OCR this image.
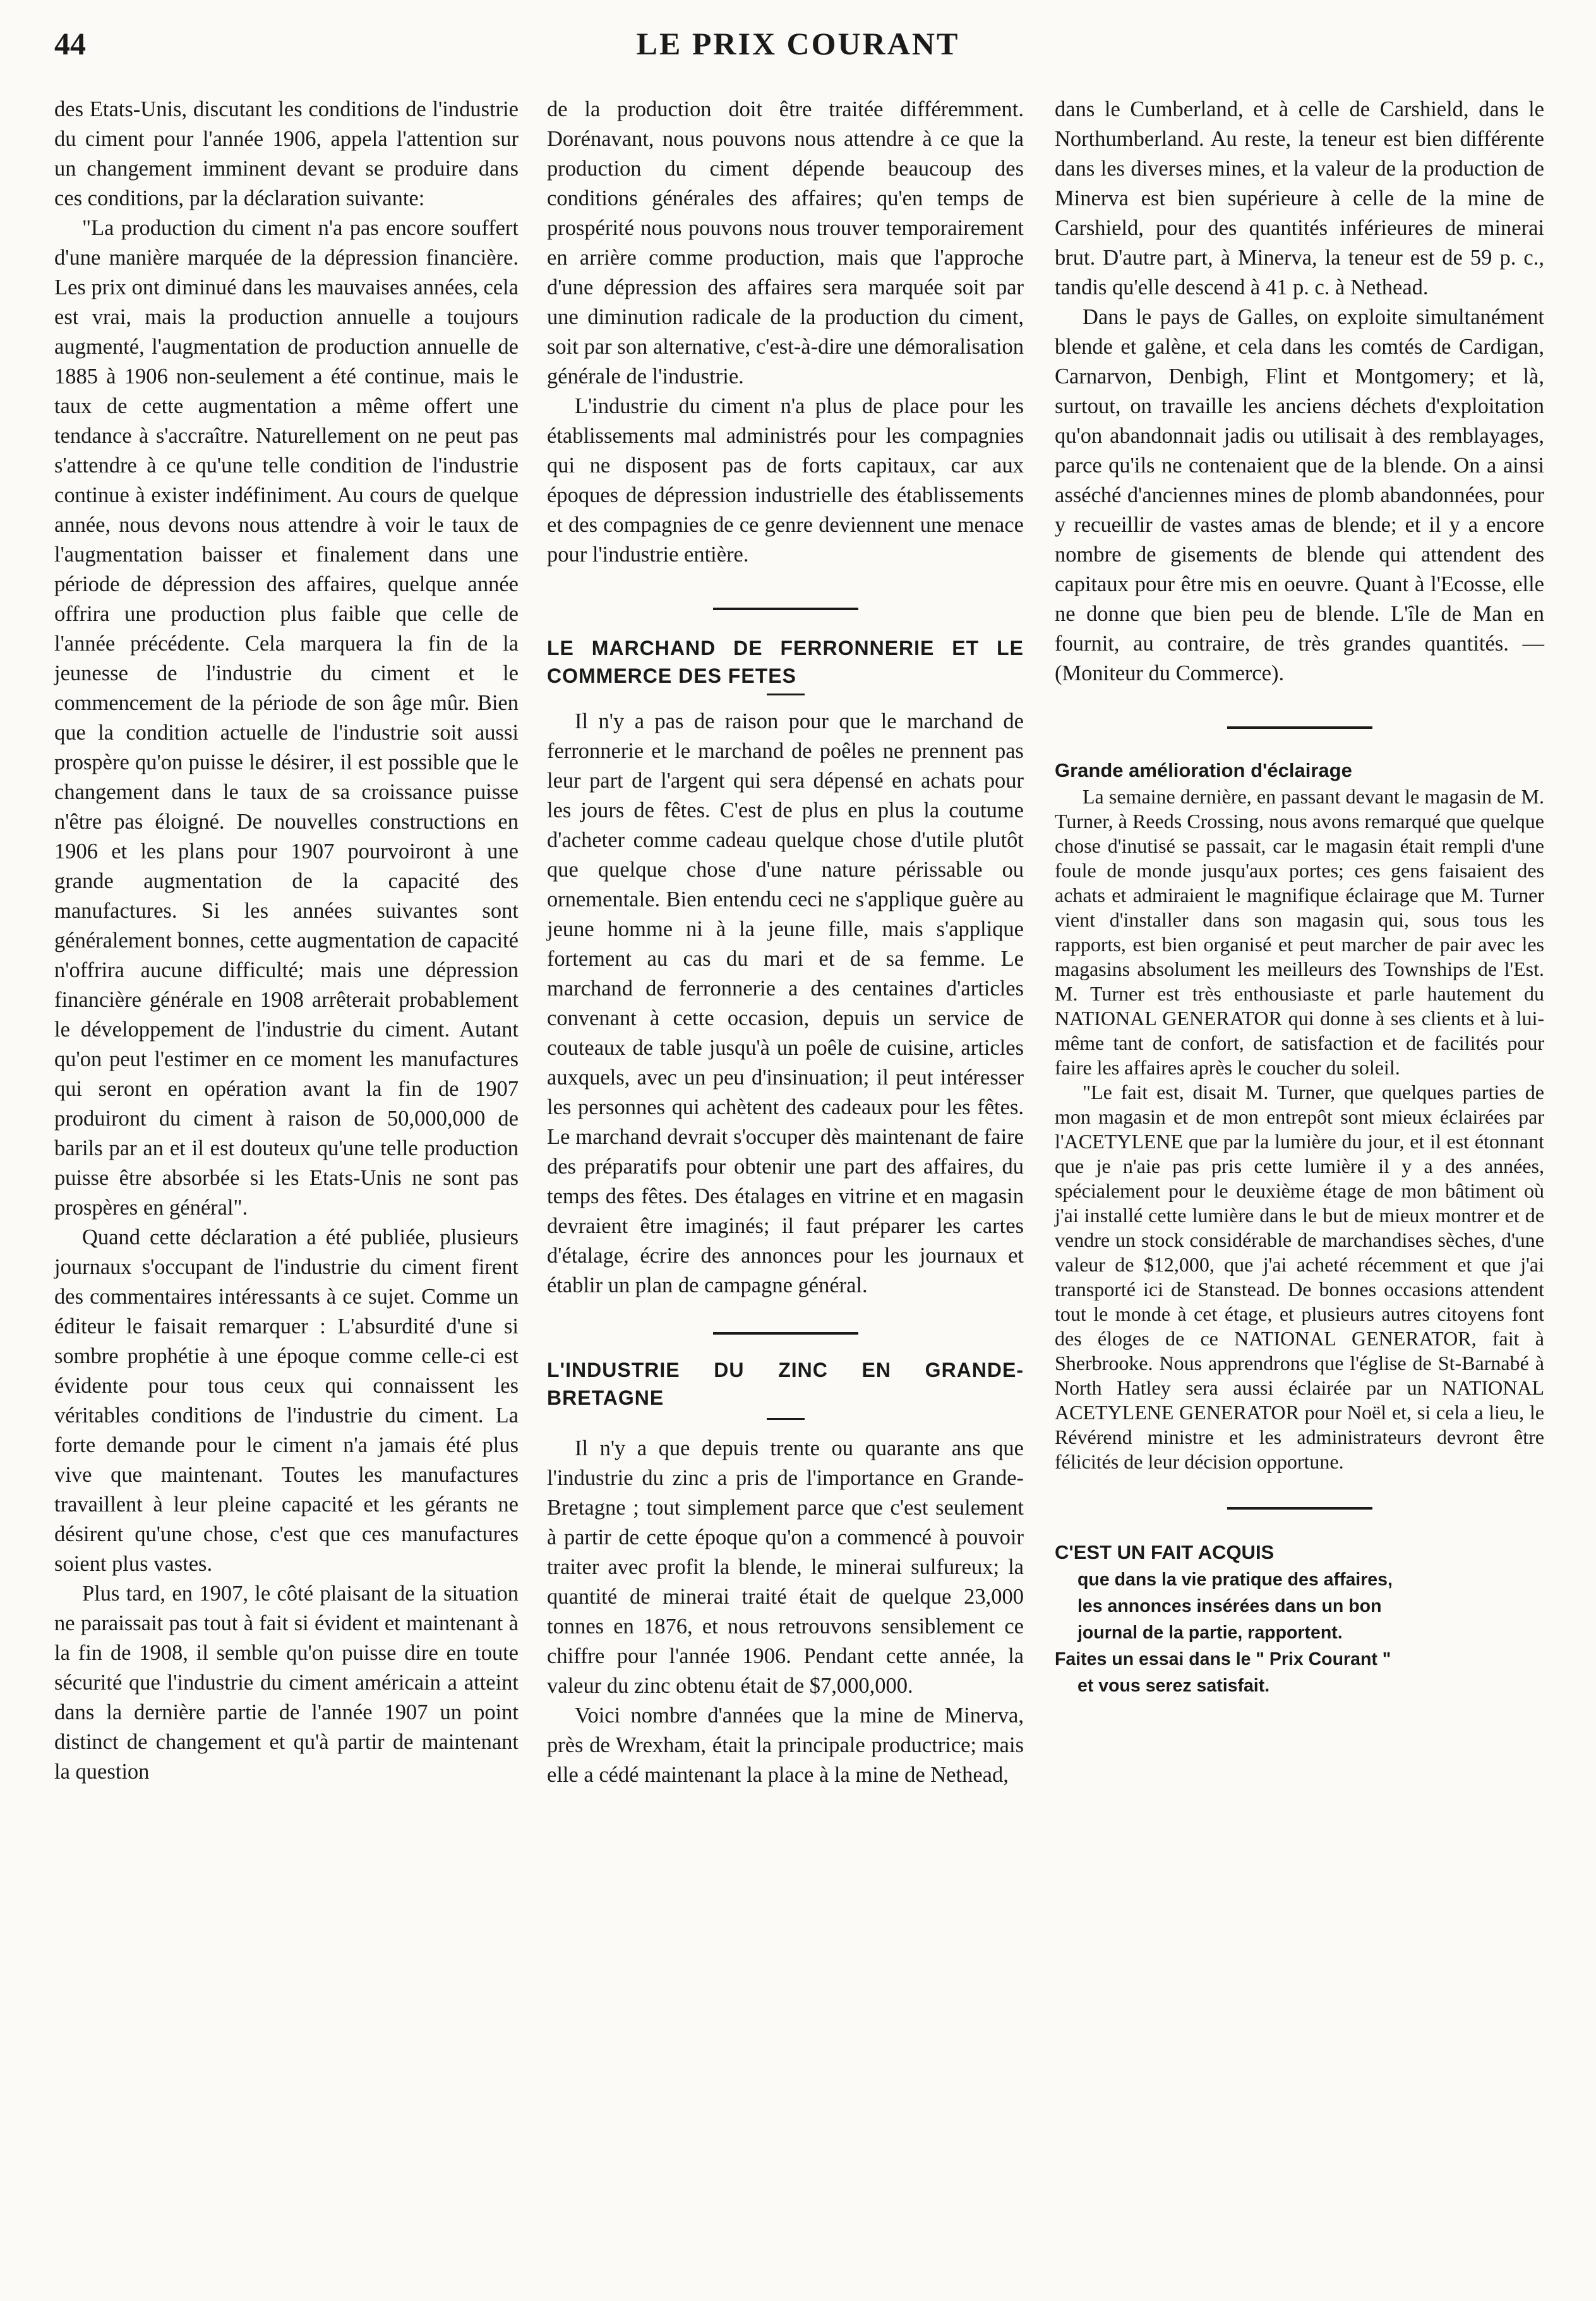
44	LE PRIX COURANT

des Etats-Unis, discutant les conditions de l'industrie du ciment pour l'année 1906, appela l'attention sur un changement imminent devant se produire dans ces conditions, par la déclaration suivante:

"La production du ciment n'a pas encore souffert d'une manière marquée de la dépression financière. Les prix ont diminué dans les mauvaises années, cela est vrai, mais la production annuelle a toujours augmenté, l'augmentation de production annuelle de 1885 à 1906 non-seulement a été continue, mais le taux de cette augmentation a même offert une tendance à s'accraître. Naturellement on ne peut pas s'attendre à ce qu'une telle condition de l'industrie continue à exister indéfiniment. Au cours de quelque année, nous devons nous attendre à voir le taux de l'augmentation baisser et finalement dans une période de dépression des affaires, quelque année offrira une production plus faible que celle de l'année précédente. Cela marquera la fin de la jeunesse de l'industrie du ciment et le commencement de la période de son âge mûr. Bien que la condition actuelle de l'industrie soit aussi prospère qu'on puisse le désirer, il est possible que le changement dans le taux de sa croissance puisse n'être pas éloigné. De nouvelles constructions en 1906 et les plans pour 1907 pourvoiront à une grande augmentation de la capacité des manufactures. Si les années suivantes sont généralement bonnes, cette augmentation de capacité n'offrira aucune difficulté; mais une dépression financière générale en 1908 arrêterait probablement le développement de l'industrie du ciment. Autant qu'on peut l'estimer en ce moment les manufactures qui seront en opération avant la fin de 1907 produiront du ciment à raison de 50,000,000 de barils par an et il est douteux qu'une telle production puisse être absorbée si les Etats-Unis ne sont pas prospères en général".

Quand cette déclaration a été publiée, plusieurs journaux s'occupant de l'industrie du ciment firent des commentaires intéressants à ce sujet. Comme un éditeur le faisait remarquer : L'absurdité d'une si sombre prophétie à une époque comme celle-ci est évidente pour tous ceux qui connaissent les véritables conditions de l'industrie du ciment. La forte demande pour le ciment n'a jamais été plus vive que maintenant. Toutes les manufactures travaillent à leur pleine capacité et les gérants ne désirent qu'une chose, c'est que ces manufactures soient plus vastes.

Plus tard, en 1907, le côté plaisant de la situation ne paraissait pas tout à fait si évident et maintenant à la fin de 1908, il semble qu'on puisse dire en toute sécurité que l'industrie du ciment américain a atteint dans la dernière partie de l'année 1907 un point distinct de changement et qu'à partir de maintenant la question

de la production doit être traitée différemment. Dorénavant, nous pouvons nous attendre à ce que la production du ciment dépende beaucoup des conditions générales des affaires; qu'en temps de prospérité nous pouvons nous trouver temporairement en arrière comme production, mais que l'approche d'une dépression des affaires sera marquée soit par une diminution radicale de la production du ciment, soit par son alternative, c'est-à-dire une démoralisation générale de l'industrie.

L'industrie du ciment n'a plus de place pour les établissements mal administrés pour les compagnies qui ne disposent pas de forts capitaux, car aux époques de dépression industrielle des établissements et des compagnies de ce genre deviennent une menace pour l'industrie entière.

LE MARCHAND DE FERRONNERIE ET LE COMMERCE DES FETES

Il n'y a pas de raison pour que le marchand de ferronnerie et le marchand de poêles ne prennent pas leur part de l'argent qui sera dépensé en achats pour les jours de fêtes. C'est de plus en plus la coutume d'acheter comme cadeau quelque chose d'utile plutôt que quelque chose d'une nature périssable ou ornementale. Bien entendu ceci ne s'applique guère au jeune homme ni à la jeune fille, mais s'applique fortement au cas du mari et de sa femme. Le marchand de ferronnerie a des centaines d'articles convenant à cette occasion, depuis un service de couteaux de table jusqu'à un poêle de cuisine, articles auxquels, avec un peu d'insinuation; il peut intéresser les personnes qui achètent des cadeaux pour les fêtes. Le marchand devrait s'occuper dès maintenant de faire des préparatifs pour obtenir une part des affaires, du temps des fêtes. Des étalages en vitrine et en magasin devraient être imaginés; il faut préparer les cartes d'étalage, écrire des annonces pour les journaux et établir un plan de campagne général.

L'INDUSTRIE DU ZINC EN GRANDE-BRETAGNE

Il n'y a que depuis trente ou quarante ans que l'industrie du zinc a pris de l'importance en Grande-Bretagne ; tout simplement parce que c'est seulement à partir de cette époque qu'on a commencé à pouvoir traiter avec profit la blende, le minerai sulfureux; la quantité de minerai traité était de quelque 23,000 tonnes en 1876, et nous retrouvons sensiblement ce chiffre pour l'année 1906. Pendant cette année, la valeur du zinc obtenu était de $7,000,000.

Voici nombre d'années que la mine de Minerva, près de Wrexham, était la principale productrice; mais elle a cédé maintenant la place à la mine de Nethead,

dans le Cumberland, et à celle de Carshield, dans le Northumberland. Au reste, la teneur est bien différente dans les diverses mines, et la valeur de la production de Minerva est bien supérieure à celle de la mine de Carshield, pour des quantités inférieures de minerai brut. D'autre part, à Minerva, la teneur est de 59 p. c., tandis qu'elle descend à 41 p. c. à Nethead.

Dans le pays de Galles, on exploite simultanément blende et galène, et cela dans les comtés de Cardigan, Carnarvon, Denbigh, Flint et Montgomery; et là, surtout, on travaille les anciens déchets d'exploitation qu'on abandonnait jadis ou utilisait à des remblayages, parce qu'ils ne contenaient que de la blende. On a ainsi asséché d'anciennes mines de plomb abandonnées, pour y recueillir de vastes amas de blende; et il y a encore nombre de gisements de blende qui attendent des capitaux pour être mis en oeuvre. Quant à l'Ecosse, elle ne donne que bien peu de blende. L'île de Man en fournit, au contraire, de très grandes quantités. — (Moniteur du Commerce).

Grande amélioration d'éclairage

La semaine dernière, en passant devant le magasin de M. Turner, à Reeds Crossing, nous avons remarqué que quelque chose d'inutisé se passait, car le magasin était rempli d'une foule de monde jusqu'aux portes; ces gens faisaient des achats et admiraient le magnifique éclairage que M. Turner vient d'installer dans son magasin qui, sous tous les rapports, est bien organisé et peut marcher de pair avec les magasins absolument les meilleurs des Townships de l'Est. M. Turner est très enthousiaste et parle hautement du NATIONAL GENERATOR qui donne à ses clients et à lui-même tant de confort, de satisfaction et de facilités pour faire les affaires après le coucher du soleil.

"Le fait est, disait M. Turner, que quelques parties de mon magasin et de mon entrepôt sont mieux éclairées par l'ACETYLENE que par la lumière du jour, et il est étonnant que je n'aie pas pris cette lumière il y a des années, spécialement pour le deuxième étage de mon bâtiment où j'ai installé cette lumière dans le but de mieux montrer et de vendre un stock considérable de marchandises sèches, d'une valeur de $12,000, que j'ai acheté récemment et que j'ai transporté ici de Stanstead. De bonnes occasions attendent tout le monde à cet étage, et plusieurs autres citoyens font des éloges de ce NATIONAL GENERATOR, fait à Sherbrooke. Nous apprendrons que l'église de St-Barnabé à North Hatley sera aussi éclairée par un NATIONAL ACETYLENE GENERATOR pour Noël et, si cela a lieu, le Révérend ministre et les administrateurs devront être félicités de leur décision opportune.

C'EST UN FAIT ACQUIS

que dans la vie pratique des affaires,

les annonces insérées dans un bon

journal de la partie, rapportent.

Faites un essai dans le " Prix Courant "

et vous serez satisfait.
